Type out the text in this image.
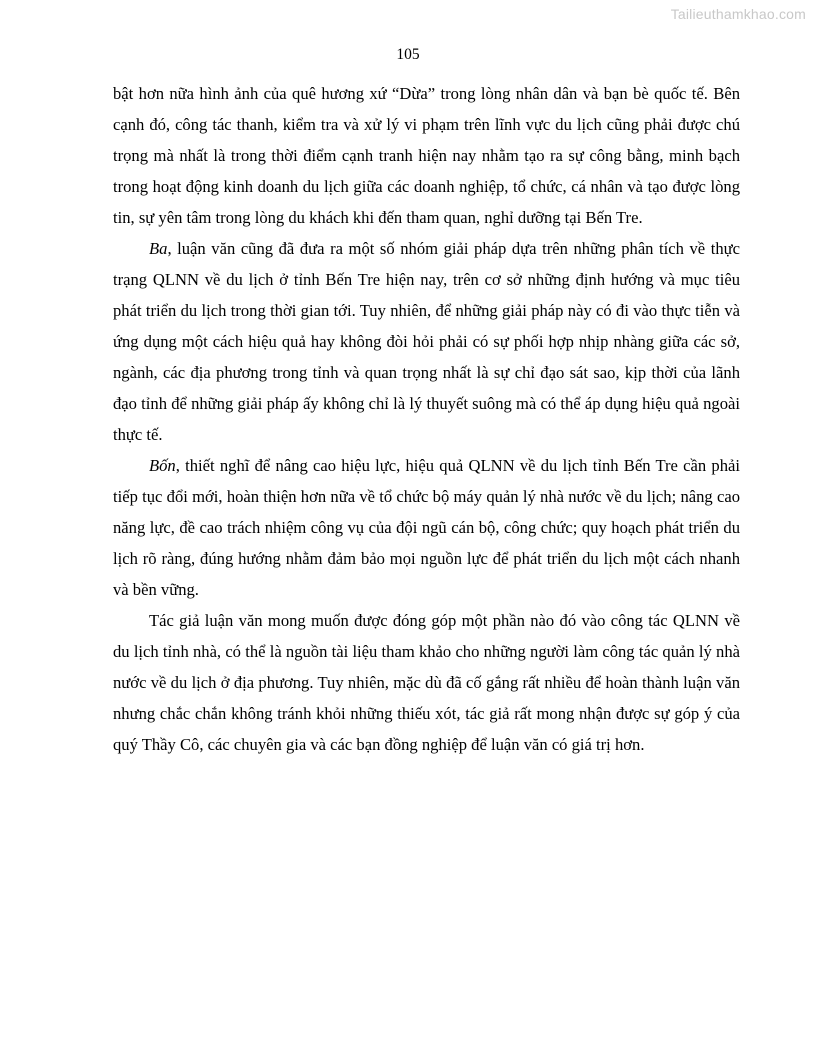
Tailieuthamkhao.com
105

bật hơn nữa hình ảnh của quê hương xứ “Dừa” trong lòng nhân dân và bạn bè quốc tế. Bên cạnh đó, công tác thanh, kiểm tra và xử lý vi phạm trên lĩnh vực du lịch cũng phải được chú trọng mà nhất là trong thời điểm cạnh tranh hiện nay nhằm tạo ra sự công bằng, minh bạch trong hoạt động kinh doanh du lịch giữa các doanh nghiệp, tổ chức, cá nhân và tạo được lòng tin, sự yên tâm trong lòng du khách khi đến tham quan, nghỉ dưỡng tại Bến Tre.

Ba, luận văn cũng đã đưa ra một số nhóm giải pháp dựa trên những phân tích về thực trạng QLNN về du lịch ở tỉnh Bến Tre hiện nay, trên cơ sở những định hướng và mục tiêu phát triển du lịch trong thời gian tới. Tuy nhiên, để những giải pháp này có đi vào thực tiễn và ứng dụng một cách hiệu quả hay không đòi hỏi phải có sự phối hợp nhịp nhàng giữa các sở, ngành, các địa phương trong tỉnh và quan trọng nhất là sự chỉ đạo sát sao, kịp thời của lãnh đạo tỉnh để những giải pháp ấy không chỉ là lý thuyết suông mà có thể áp dụng hiệu quả ngoài thực tế.

Bốn, thiết nghĩ để nâng cao hiệu lực, hiệu quả QLNN về du lịch tỉnh Bến Tre cần phải tiếp tục đổi mới, hoàn thiện hơn nữa về tổ chức bộ máy quản lý nhà nước về du lịch; nâng cao năng lực, đề cao trách nhiệm công vụ của đội ngũ cán bộ, công chức; quy hoạch phát triển du lịch rõ ràng, đúng hướng nhằm đảm bảo mọi nguồn lực để phát triển du lịch một cách nhanh và bền vững.

Tác giả luận văn mong muốn được đóng góp một phần nào đó vào công tác QLNN về du lịch tỉnh nhà, có thể là nguồn tài liệu tham khảo cho những người làm công tác quản lý nhà nước về du lịch ở địa phương. Tuy nhiên, mặc dù đã cố gắng rất nhiều để hoàn thành luận văn nhưng chắc chắn không tránh khỏi những thiếu xót, tác giả rất mong nhận được sự góp ý của quý Thầy Cô, các chuyên gia và các bạn đồng nghiệp để luận văn có giá trị hơn.
